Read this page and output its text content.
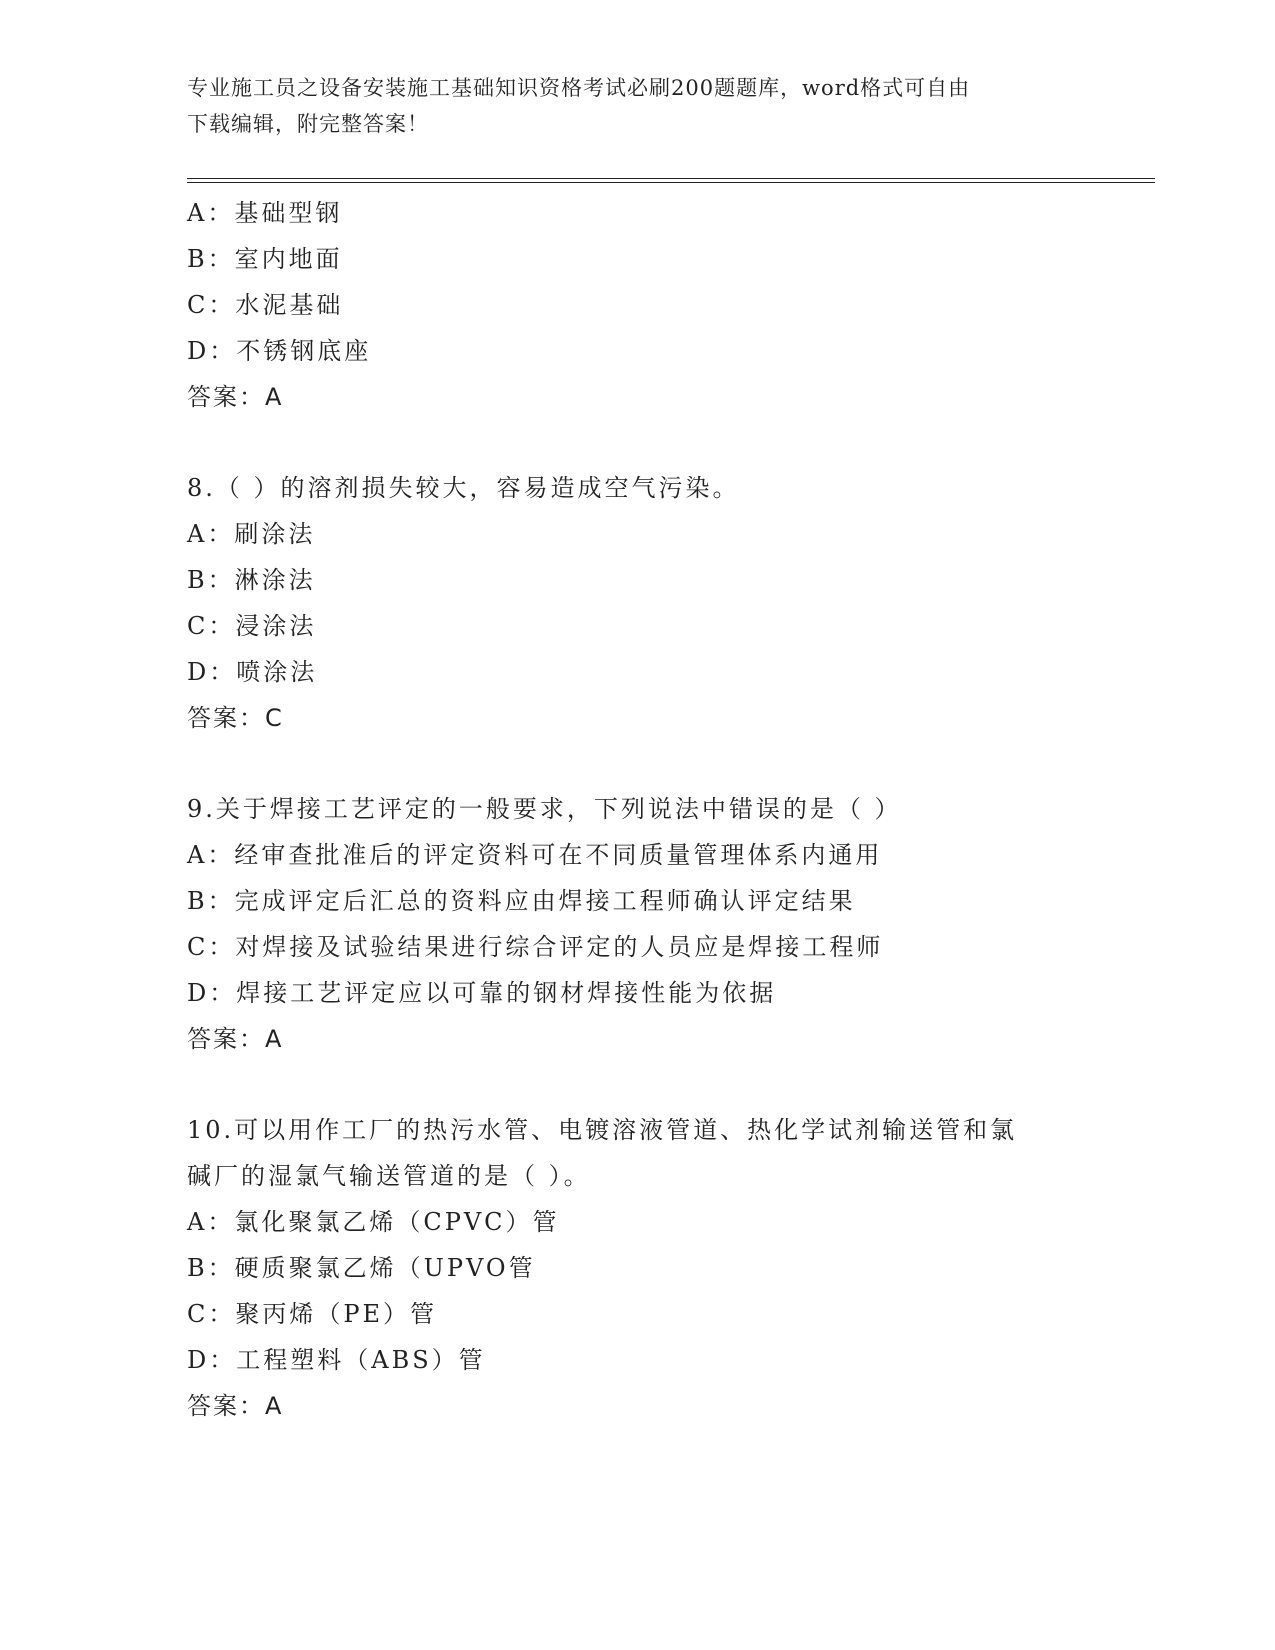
专业施工员之设备安装施工基础知识资格考试必刷200题题库，word格式可自由
下载编辑，附完整答案！
A：基础型钢
B：室内地面
C：水泥基础
D：不锈钢底座
答案：A
8.（ ）的溶剂损失较大，容易造成空气污染。
A：刷涂法
B：淋涂法
C：浸涂法
D：喷涂法
答案：C
9.关于焊接工艺评定的一般要求，下列说法中错误的是（ ）
A：经审查批准后的评定资料可在不同质量管理体系内通用
B：完成评定后汇总的资料应由焊接工程师确认评定结果
C：对焊接及试验结果进行综合评定的人员应是焊接工程师
D：焊接工艺评定应以可靠的钢材焊接性能为依据
答案：A
10.可以用作工厂的热污水管、电镀溶液管道、热化学试剂输送管和氯
碱厂的湿氯气输送管道的是（ ）。
A：氯化聚氯乙烯（CPVC）管
B：硬质聚氯乙烯（UPVO管
C：聚丙烯（PE）管
D：工程塑料（ABS）管
答案：A
